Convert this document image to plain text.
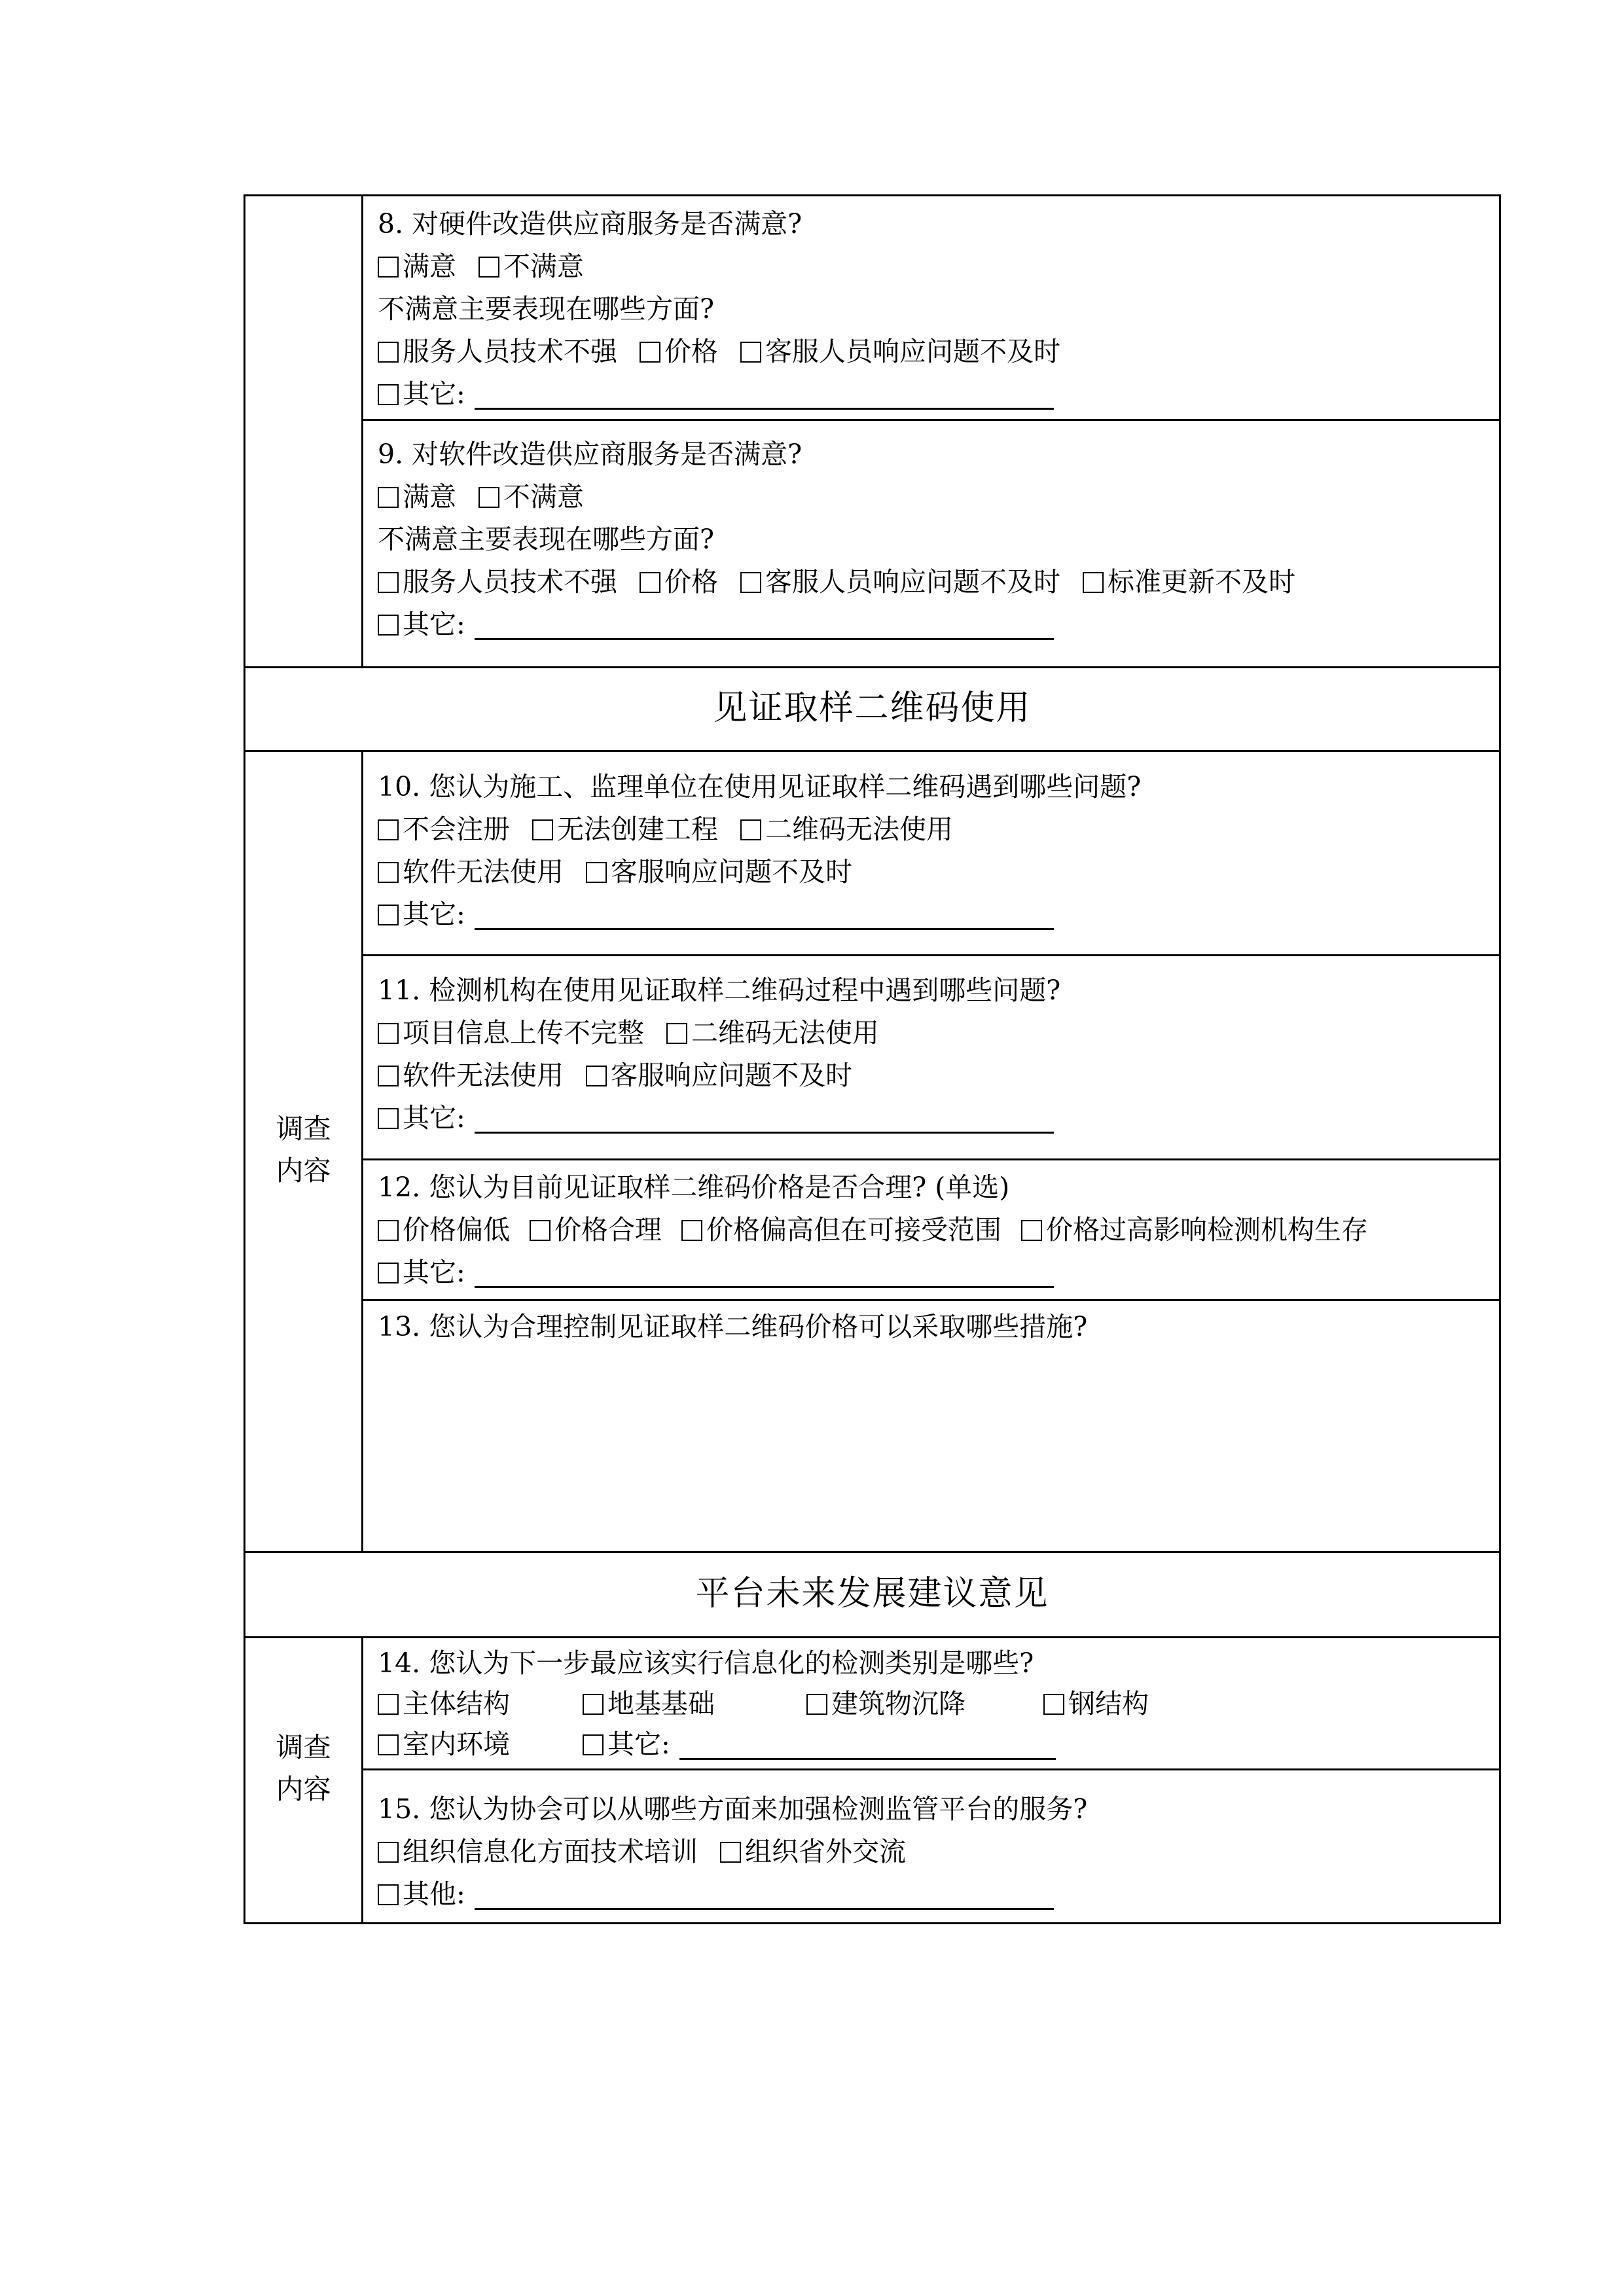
8. 对硬件改造供应商服务是否满意?
满意 不满意
不满意主要表现在哪些方面?
服务人员技术不强 价格 客服人员响应问题不及时
其它:
9. 对软件改造供应商服务是否满意?
满意 不满意
不满意主要表现在哪些方面?
服务人员技术不强 价格 客服人员响应问题不及时 标准更新不及时
其它:
见证取样二维码使用
调查
内容
10. 您认为施工、监理单位在使用见证取样二维码遇到哪些问题?
不会注册 无法创建工程 二维码无法使用
软件无法使用 客服响应问题不及时
其它:
11. 检测机构在使用见证取样二维码过程中遇到哪些问题?
项目信息上传不完整 二维码无法使用
软件无法使用 客服响应问题不及时
其它:
12. 您认为目前见证取样二维码价格是否合理? (单选)
价格偏低 价格合理 价格偏高但在可接受范围 价格过高影响检测机构生存
其它:
13. 您认为合理控制见证取样二维码价格可以采取哪些措施?
平台未来发展建议意见
调查
内容
14. 您认为下一步最应该实行信息化的检测类别是哪些?
主体结构	地基基础	建筑物沉降	钢结构
室内环境	其它:
15. 您认为协会可以从哪些方面来加强检测监管平台的服务?
组织信息化方面技术培训 组织省外交流
其他:
